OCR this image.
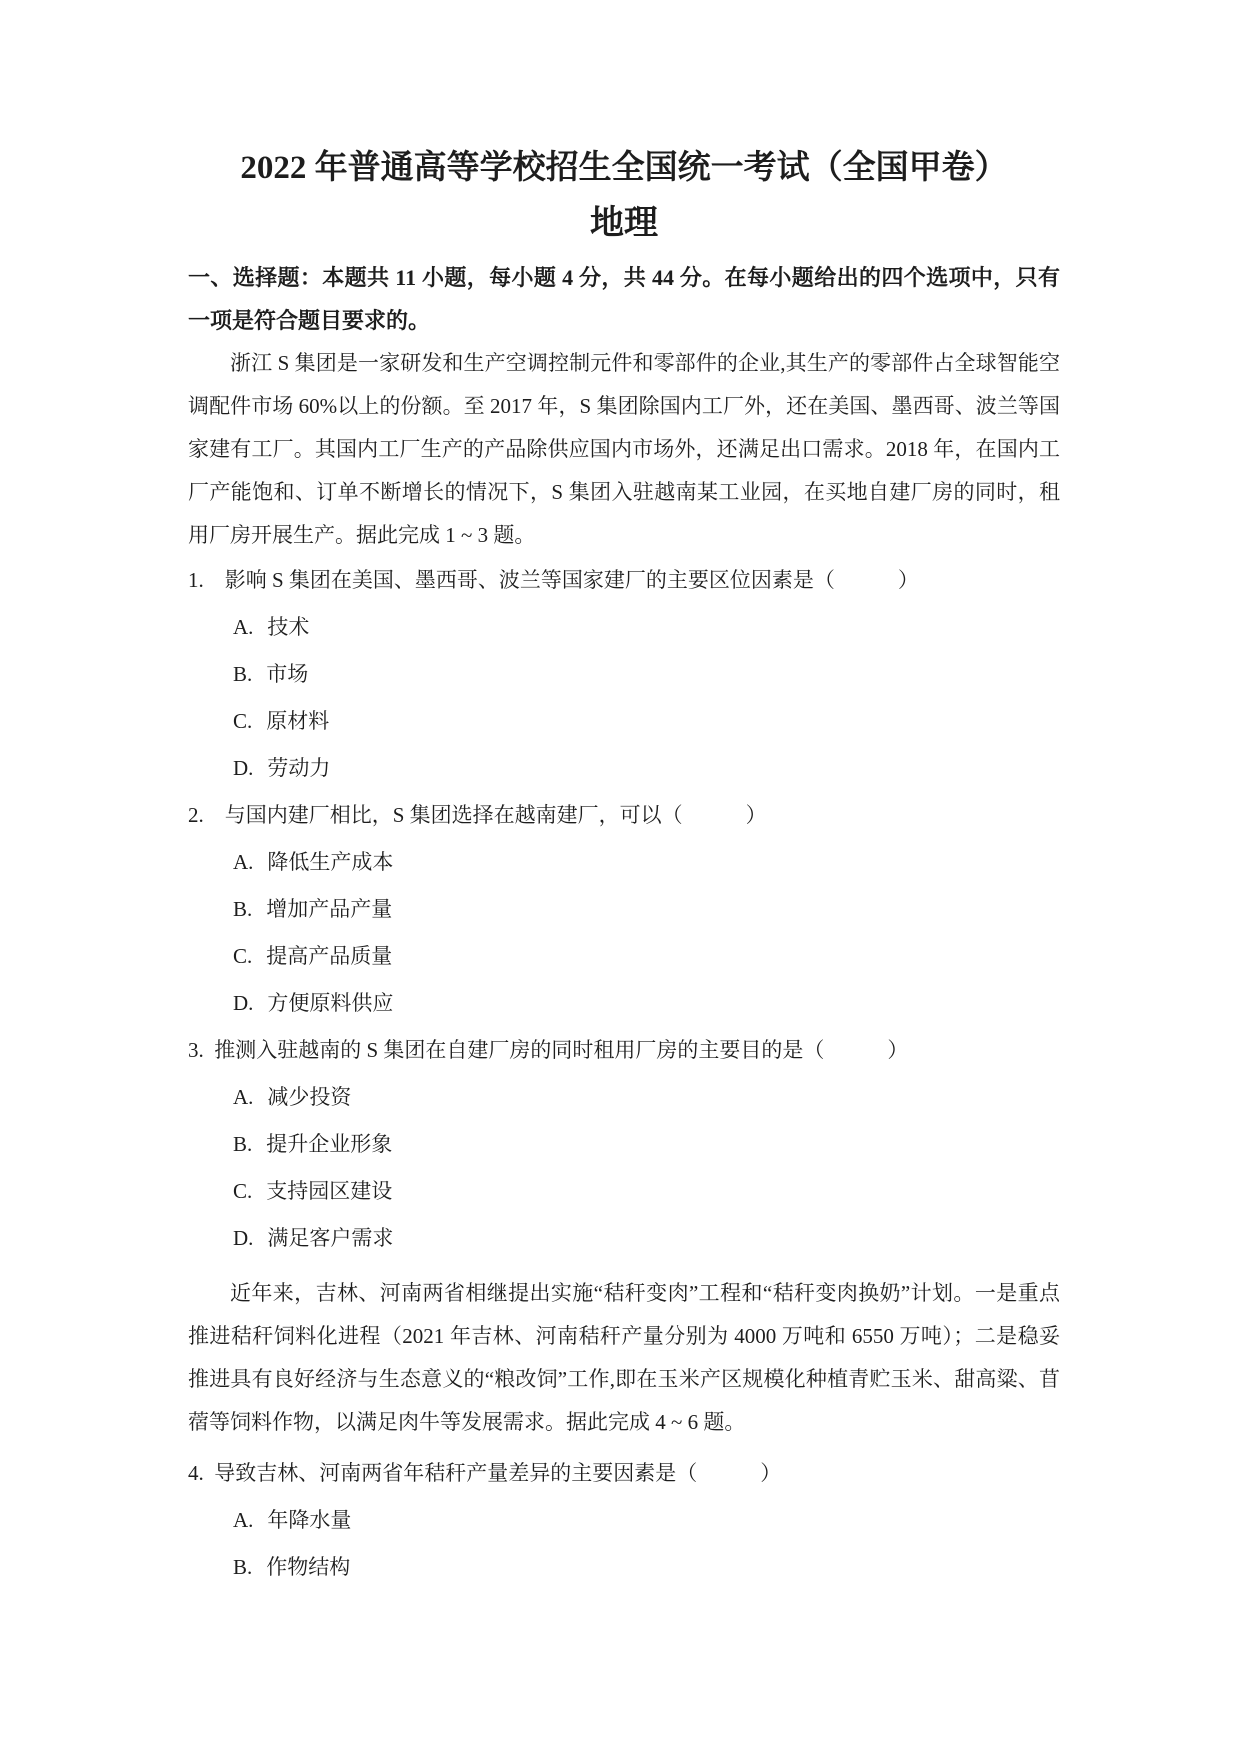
2022 年普通高等学校招生全国统一考试（全国甲卷）
地理

一、选择题：本题共 11 小题，每小题 4 分，共 44 分。在每小题给出的四个选项中，只有一项是符合题目要求的。

浙江 S 集团是一家研发和生产空调控制元件和零部件的企业,其生产的零部件占全球智能空调配件市场 60%以上的份额。至 2017 年，S 集团除国内工厂外，还在美国、墨西哥、波兰等国家建有工厂。其国内工厂生产的产品除供应国内市场外，还满足出口需求。2018 年，在国内工厂产能饱和、订单不断增长的情况下，S 集团入驻越南某工业园，在买地自建厂房的同时，租用厂房开展生产。据此完成 1 ~ 3 题。

1.　影响 S 集团在美国、墨西哥、波兰等国家建厂的主要区位因素是（　　　）

A. 技术

B. 市场

C. 原材料

D. 劳动力

2.　与国内建厂相比，S 集团选择在越南建厂，可以（　　　）

A. 降低生产成本

B. 增加产品产量

C. 提高产品质量

D. 方便原料供应

3. 推测入驻越南的 S 集团在自建厂房的同时租用厂房的主要目的是（　　　）

A. 减少投资

B. 提升企业形象

C. 支持园区建设

D. 满足客户需求

近年来，吉林、河南两省相继提出实施“秸秆变肉”工程和“秸秆变肉换奶”计划。一是重点推进秸秆饲料化进程（2021 年吉林、河南秸秆产量分别为 4000 万吨和 6550 万吨）；二是稳妥推进具有良好经济与生态意义的“粮改饲”工作,即在玉米产区规模化种植青贮玉米、甜高粱、苜蓿等饲料作物，以满足肉牛等发展需求。据此完成 4 ~ 6 题。

4. 导致吉林、河南两省年秸秆产量差异的主要因素是（　　　）

A. 年降水量

B. 作物结构
